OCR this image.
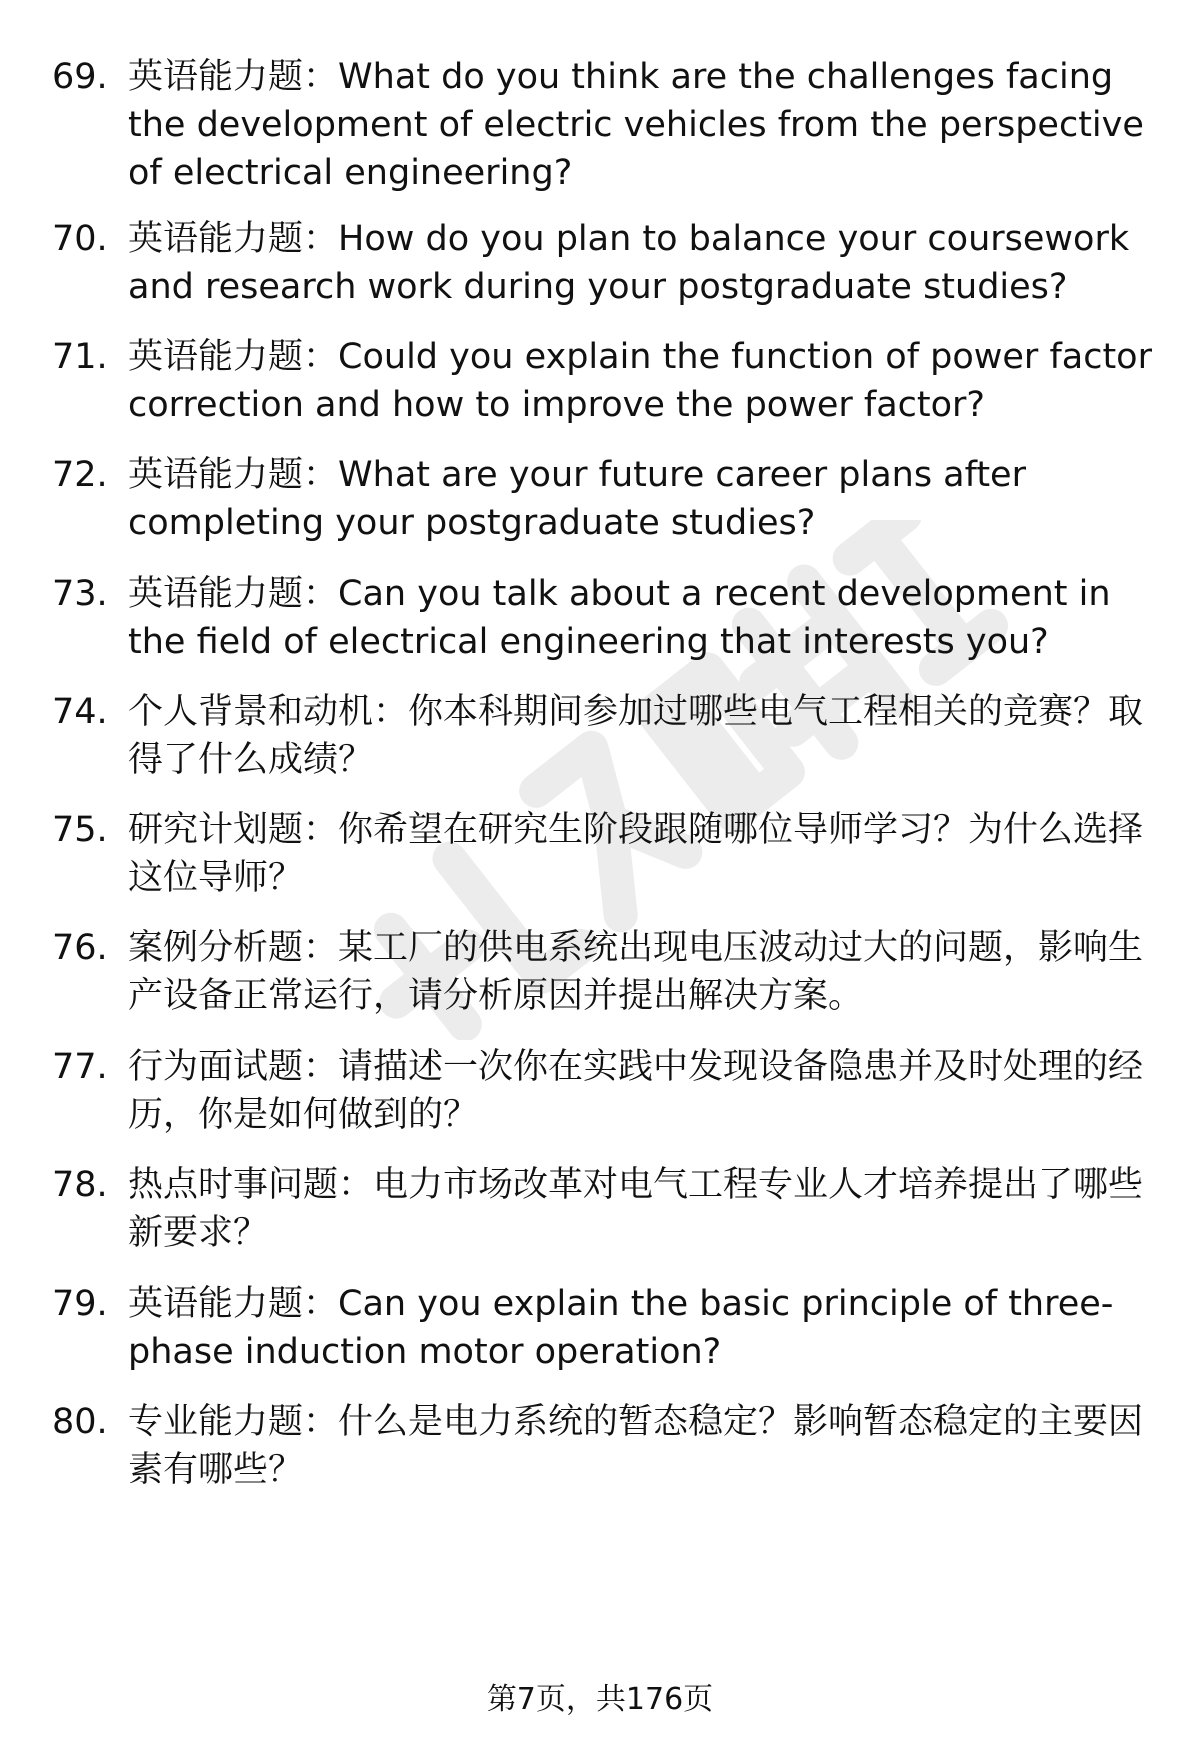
69. 英语能力题：What do you think are the challenges facing the development of electric vehicles from the perspective of electrical engineering?
70. 英语能力题：How do you plan to balance your coursework and research work during your postgraduate studies?
71. 英语能力题：Could you explain the function of power factor correction and how to improve the power factor?
72. 英语能力题：What are your future career plans after completing your postgraduate studies?
73. 英语能力题：Can you talk about a recent development in the field of electrical engineering that interests you?
74. 个人背景和动机：你本科期间参加过哪些电气工程相关的竞赛？取得了什么成绩？
75. 研究计划题：你希望在研究生阶段跟随哪位导师学习？为什么选择这位导师？
76. 案例分析题：某工厂的供电系统出现电压波动过大的问题，影响生产设备正常运行，请分析原因并提出解决方案。
77. 行为面试题：请描述一次你在实践中发现设备隐患并及时处理的经历，你是如何做到的？
78. 热点时事问题：电力市场改革对电气工程专业人才培养提出了哪些新要求？
79. 英语能力题：Can you explain the basic principle of three-phase induction motor operation?
80. 专业能力题：什么是电力系统的暂态稳定？影响暂态稳定的主要因素有哪些？
第7页，共176页
